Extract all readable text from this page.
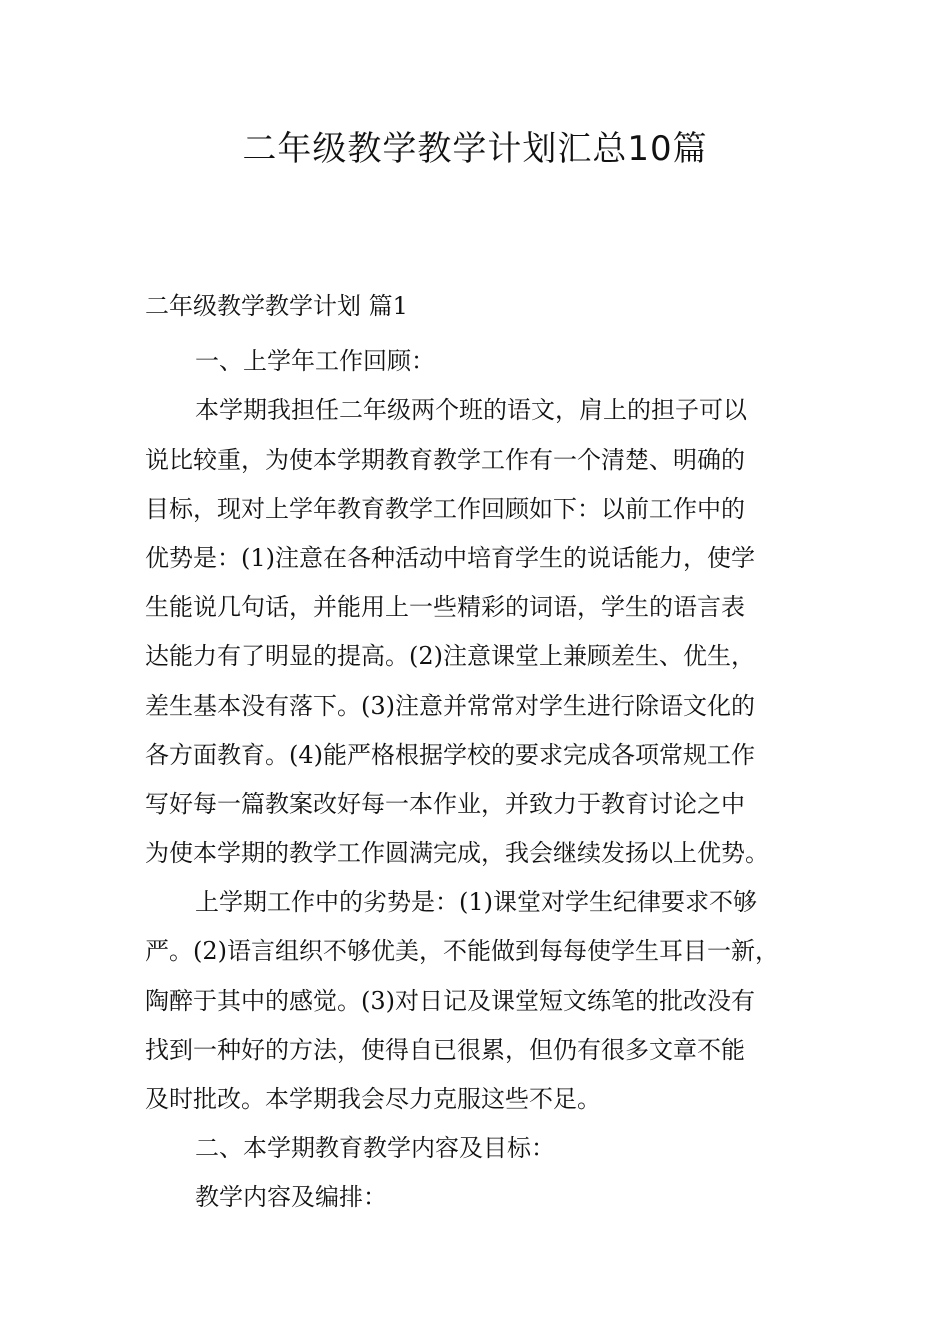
二年级教学教学计划汇总10篇
二年级教学教学计划 篇1
一、上学年工作回顾：
本学期我担任二年级两个班的语文，肩上的担子可以
说比较重，为使本学期教育教学工作有一个清楚、明确的
目标，现对上学年教育教学工作回顾如下：以前工作中的
优势是：(1)注意在各种活动中培育学生的说话能力，使学
生能说几句话，并能用上一些精彩的词语，学生的语言表
达能力有了明显的提高。(2)注意课堂上兼顾差生、优生，
差生基本没有落下。(3)注意并常常对学生进行除语文化的
各方面教育。(4)能严格根据学校的要求完成各项常规工作
写好每一篇教案改好每一本作业，并致力于教育讨论之中
为使本学期的教学工作圆满完成，我会继续发扬以上优势。
上学期工作中的劣势是：(1)课堂对学生纪律要求不够
严。(2)语言组织不够优美，不能做到每每使学生耳目一新，
陶醉于其中的感觉。(3)对日记及课堂短文练笔的批改没有
找到一种好的方法，使得自已很累，但仍有很多文章不能
及时批改。本学期我会尽力克服这些不足。
二、本学期教育教学内容及目标：
教学内容及编排：
